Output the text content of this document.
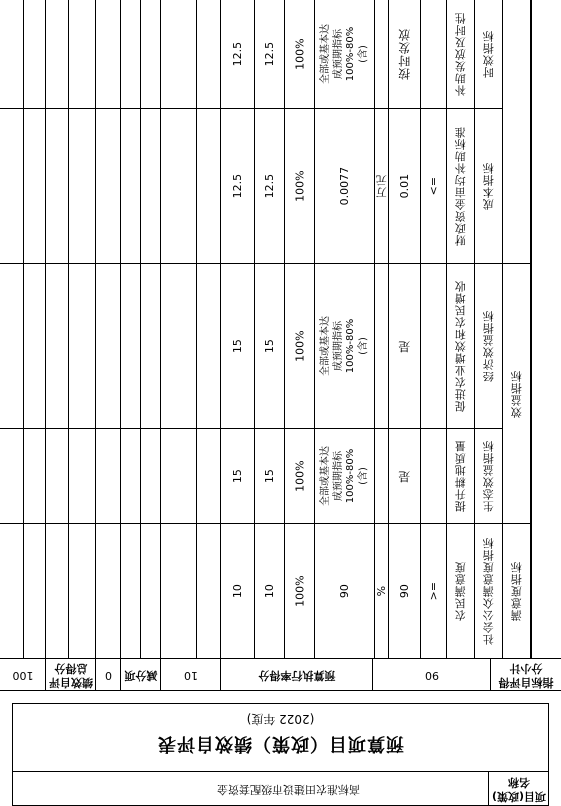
预算项目（政策）绩效自评表
(2022 年度)
高标准农田建设市级配套资金
项目(政策)名称
指标自评得分小计
90
预算执行率得分
10
减分项
0
绩效自评总得分
100
满意度指标
效益指标
社会公众满意度指标
生态效益指标
经济效益指标
成本指标
时效指标
农民满意度
提升耕地质量
促进农业增效和农民增收
财政资金亩均补助标准
补助发放及时性
>=
<=
90
是
是
0.01
按时发放
%
万元
90
全部或基本达成预期指标
100%-80%(含)
全部或基本达成预期指标
100%-80%(含)
0.0077
全部或基本达成预期指标
100%-80%(含)
100%
100%
100%
100%
100%
10
15
15
12.5
12.5
10
15
15
12.5
12.5
